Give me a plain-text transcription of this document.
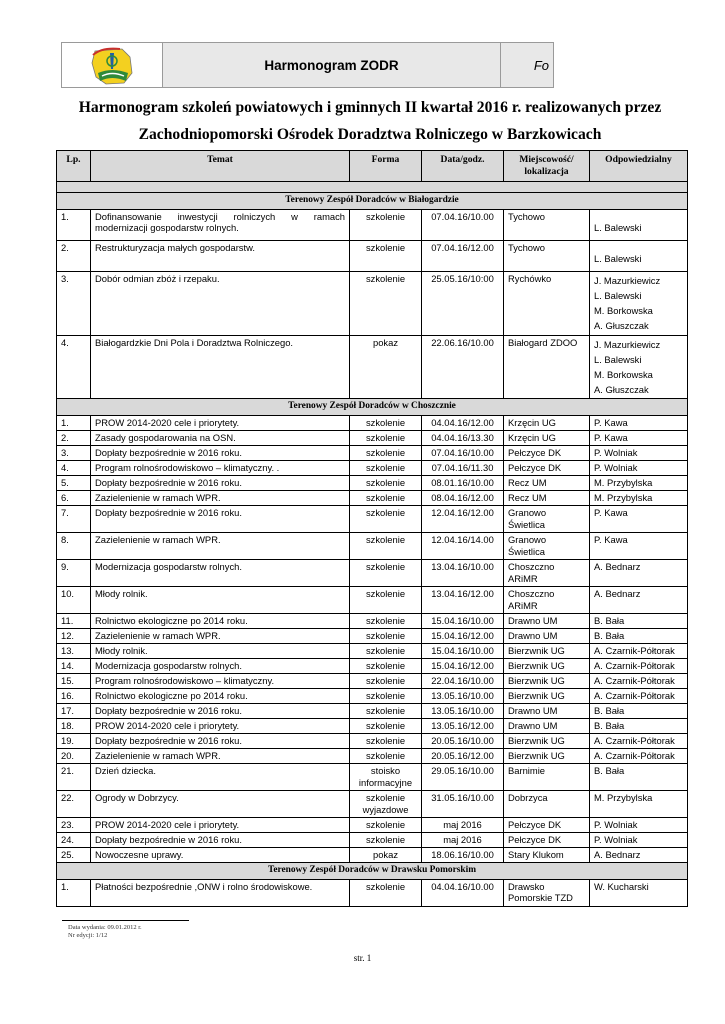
Harmonogram ZODR	Fo
Harmonogram szkoleń powiatowych i gminnych II kwartał 2016 r. realizowanych przez
Zachodniopomorski Ośrodek Doradztwa Rolniczego w Barzkowicach
Lp.	Temat	Forma	Data/godz.	Miejscowość/ lokalizacja	Odpowiedzialny

Terenowy Zespół Doradców w Białogardzie					
1.	Dofinansowanie inwestycji rolniczych w ramach modernizacji gospodarstw rolnych.	szkolenie	07.04.16/10.00	Tychowo	L. Balewski

2.	Restrukturyzacja małych gospodarstw.	szkolenie	07.04.16/12.00	Tychowo	L. Balewski

3.	Dobór odmian zbóż i rzepaku.	szkolenie	25.05.16/10:00	Rychówko	J. Mazurkiewicz
L. Balewski
M. Borkowska
A. Głuszczak

4.	Białogardzkie Dni Pola i Doradztwa Rolniczego.	pokaz	22.06.16/10.00	Białogard ZDOO	J. Mazurkiewicz
L. Balewski
M. Borkowska
A. Głuszczak

Terenowy Zespół Doradców w Choszcznie					
1.	PROW 2014-2020 cele i priorytety.	szkolenie	04.04.16/12.00	Krzęcin UG	P. Kawa

2.	Zasady gospodarowania na OSN.	szkolenie	04.04.16/13.30	Krzęcin UG	P. Kawa

3.	Dopłaty bezpośrednie w 2016 roku.	szkolenie	07.04.16/10.00	Pełczyce DK	P. Wolniak

4.	Program rolnośrodowiskowo – klimatyczny. .	szkolenie	07.04.16/11.30	Pełczyce DK	P. Wolniak

5.	Dopłaty bezpośrednie w 2016 roku.	szkolenie	08.01.16/10.00	Recz UM	M. Przybylska

6.	Zazielenienie w ramach WPR.	szkolenie	08.04.16/12.00	Recz UM	M. Przybylska

7.	Dopłaty bezpośrednie w 2016 roku.	szkolenie	12.04.16/12.00	Granowo Świetlica	P. Kawa

8.	Zazielenienie w ramach WPR.	szkolenie	12.04.16/14.00	Granowo Świetlica	P. Kawa

9.	Modernizacja gospodarstw rolnych.	szkolenie	13.04.16/10.00	Choszczno ARiMR	A. Bednarz

10.	Młody rolnik.	szkolenie	13.04.16/12.00	Choszczno ARiMR	A. Bednarz

11.	Rolnictwo ekologiczne po 2014 roku.	szkolenie	15.04.16/10.00	Drawno UM	B. Bała

12.	Zazielenienie w ramach WPR.	szkolenie	15.04.16/12.00	Drawno UM	B. Bała

13.	Młody rolnik.	szkolenie	15.04.16/10.00	Bierzwnik UG	A. Czarnik-Półtorak

14.	Modernizacja gospodarstw rolnych.	szkolenie	15.04.16/12.00	Bierzwnik UG	A. Czarnik-Półtorak

15.	Program rolnośrodowiskowo – klimatyczny.	szkolenie	22.04.16/10.00	Bierzwnik UG	A. Czarnik-Półtorak

16.	Rolnictwo ekologiczne po 2014 roku.	szkolenie	13.05.16/10.00	Bierzwnik UG	A. Czarnik-Półtorak

17.	Dopłaty bezpośrednie w 2016 roku.	szkolenie	13.05.16/10.00	Drawno UM	B. Bała

18.	PROW 2014-2020 cele i priorytety.	szkolenie	13.05.16/12.00	Drawno UM	B. Bała

19.	Dopłaty bezpośrednie w 2016 roku.	szkolenie	20.05.16/10.00	Bierzwnik UG	A. Czarnik-Półtorak

20.	Zazielenienie w ramach WPR.	szkolenie	20.05.16/12.00	Bierzwnik UG	A. Czarnik-Półtorak

21.	Dzień dziecka.	stoisko informacyjne	29.05.16/10.00	Barnimie	B. Bała

22.	Ogrody w Dobrzycy.	szkolenie wyjazdowe	31.05.16/10.00	Dobrzyca	M. Przybylska

23.	PROW 2014-2020 cele i priorytety.	szkolenie	maj 2016	Pełczyce DK	P. Wolniak

24.	Dopłaty bezpośrednie w 2016 roku.	szkolenie	maj 2016	Pełczyce DK	P. Wolniak

25.	Nowoczesne uprawy.	pokaz	18.06.16/10.00	Stary Klukom	A. Bednarz

Terenowy Zespół Doradców w Drawsku Pomorskim					
1.	Płatności bezpośrednie ,ONW i rolno środowiskowe.	szkolenie	04.04.16/10.00	Drawsko Pomorskie TZD	W. Kucharski
Data wydania: 09.01.2012 r.
Nr edycji: 1/12
str. 1
